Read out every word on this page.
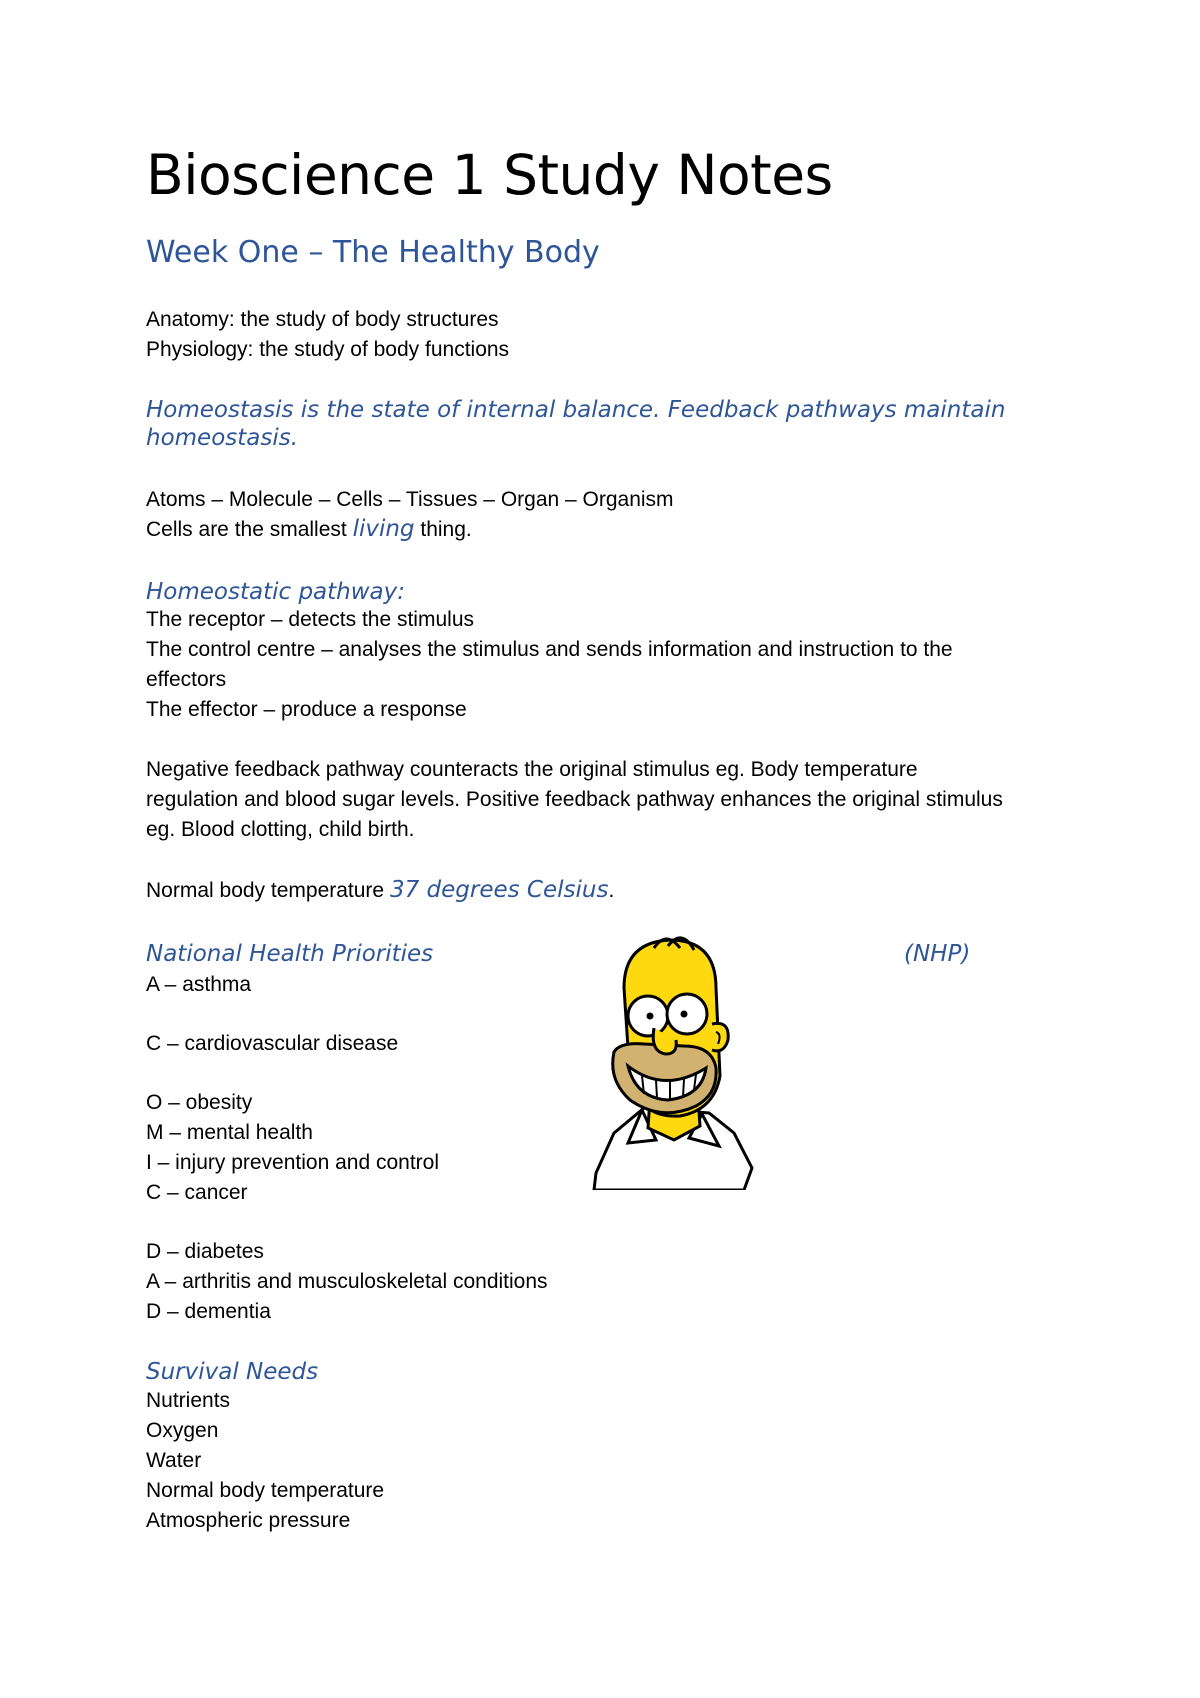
Bioscience 1 Study Notes
Week One – The Healthy Body

Anatomy: the study of body structures

Physiology: the study of body functions

Homeostasis is the state of internal balance. Feedback pathways maintain

homeostasis.

Atoms – Molecule – Cells – Tissues – Organ – Organism

Cells are the smallest living thing.

Homeostatic pathway:

The receptor – detects the stimulus

The control centre – analyses the stimulus and sends information and instruction to the

effectors

The effector – produce a response

Negative feedback pathway counteracts the original stimulus eg. Body temperature

regulation and blood sugar levels. Positive feedback pathway enhances the original stimulus

eg. Blood clotting, child birth.

Normal body temperature 37 degrees Celsius.

National Health Priorities	(NHP)

A – asthma

C – cardiovascular disease

O – obesity

M – mental health

I – injury prevention and control

C – cancer

D – diabetes

A – arthritis and musculoskeletal conditions

D – dementia

Survival Needs

Nutrients

Oxygen

Water

Normal body temperature

Atmospheric pressure
